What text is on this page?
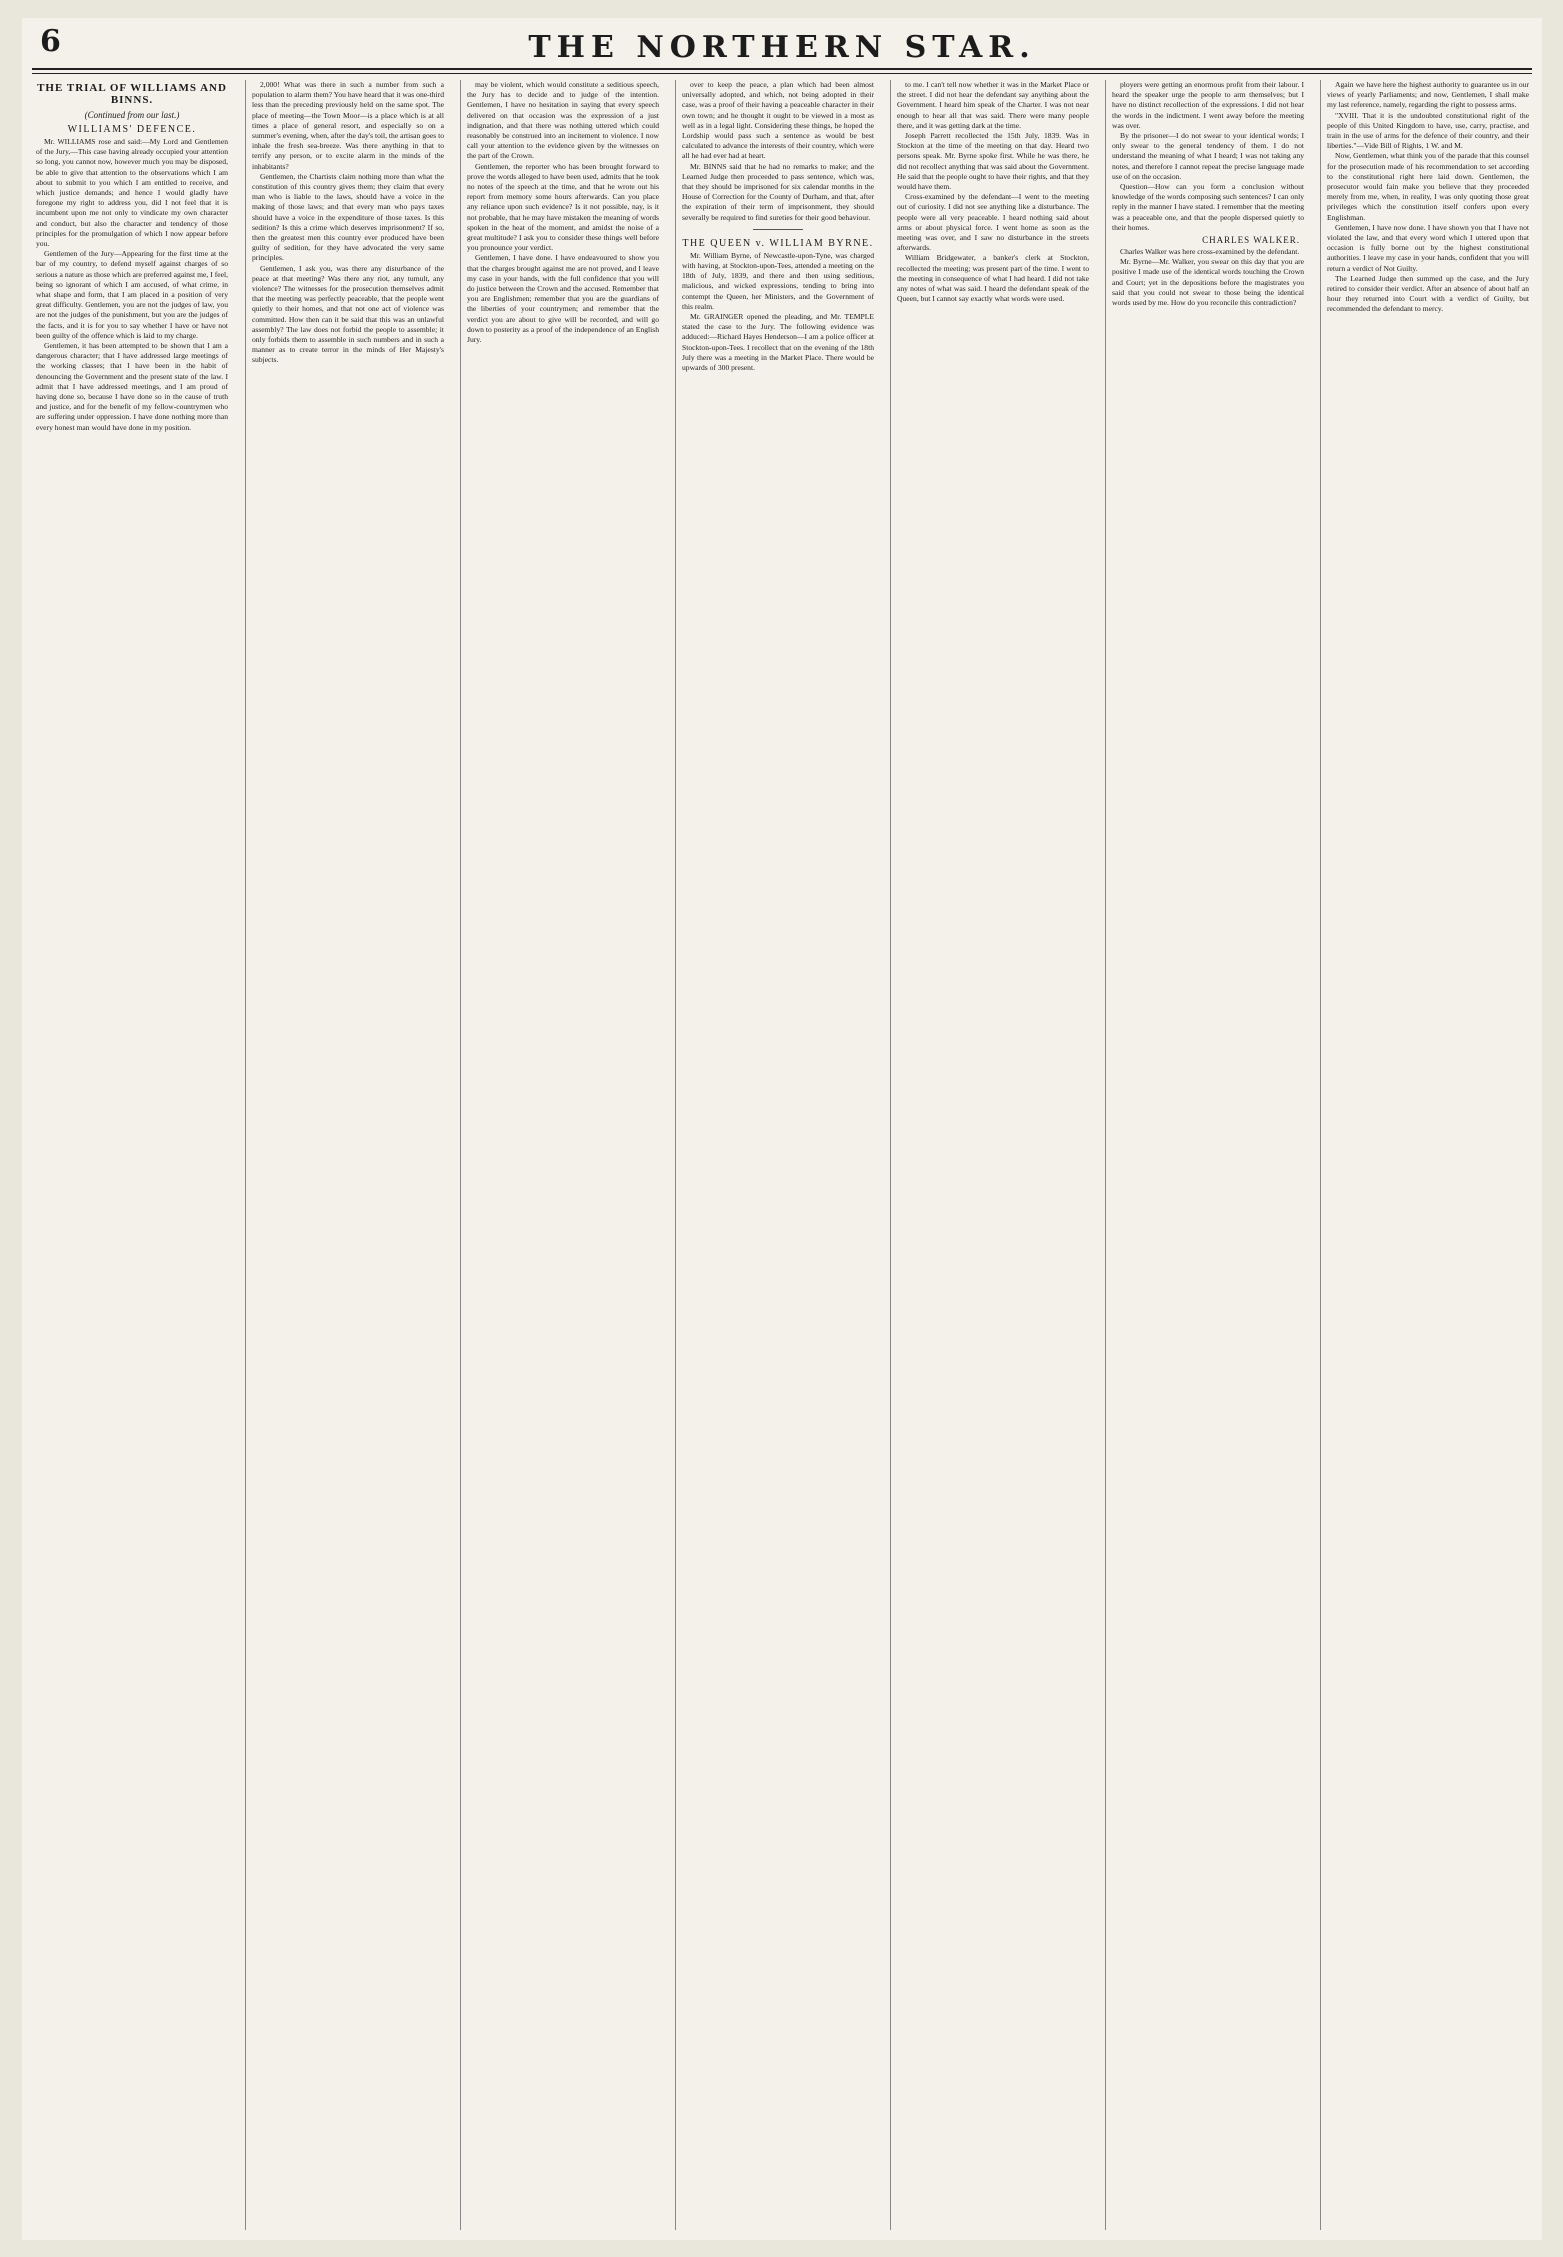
6	THE NORTHERN STAR.
THE TRIAL OF WILLIAMS AND BINNS.
(Continued from our last.)
WILLIAMS' DEFENCE.

Mr. WILLIAMS rose and said:—My Lord and Gentlemen of the Jury,—This case having already occupied your attention so long, you cannot now, however much you may be disposed, be able to give that attention to the observations which I am about to submit to you which I am entitled to receive, and which justice demands; and hence I would gladly have foregone my right to address you, did I not feel that it is incumbent upon me not only to vindicate my own character and conduct, but also the character and tendency of those principles for the promulgation of which I now appear before you.

Gentlemen of the Jury—Appearing for the first time at the bar of my country, to defend myself against charges of so serious a nature as those which are preferred against me, I feel, being so ignorant of which I am accused, of what crime, in what shape and form, that I am placed in a position of very great difficulty. Gentlemen, you are not the judges of law, you are not the judges of the punishment, but you are the judges of the facts, and it is for you to say whether I have or have not been guilty of the offence which is laid to my charge.

Gentlemen, it has been attempted to be shown that I am a dangerous character; that I have addressed large meetings of the working classes; that I have been in the habit of denouncing the Government and the present state of the law. I admit that I have addressed meetings, and I am proud of having done so, because I have done so in the cause of truth and justice, and for the benefit of my fellow-countrymen who are suffering under oppression. I have done nothing more than every honest man would have done in my position.

2,000! What was there in such a number from such a population to alarm them? You have heard that it was one-third less than the preceding previously held on the same spot. The place of meeting—the Town Moor—is a place which is at all times a place of general resort, and especially so on a summer's evening, when, after the day's toil, the artisan goes to inhale the fresh sea-breeze. Was there anything in that to terrify any person, or to excite alarm in the minds of the inhabitants?

Gentlemen, the Chartists claim nothing more than what the constitution of this country gives them; they claim that every man who is liable to the laws, should have a voice in the making of those laws; and that every man who pays taxes should have a voice in the expenditure of those taxes. Is this sedition? Is this a crime which deserves imprisonment? If so, then the greatest men this country ever produced have been guilty of sedition, for they have advocated the very same principles.

Gentlemen, I ask you, was there any disturbance of the peace at that meeting? Was there any riot, any tumult, any violence? The witnesses for the prosecution themselves admit that the meeting was perfectly peaceable, that the people went quietly to their homes, and that not one act of violence was committed. How then can it be said that this was an unlawful assembly? The law does not forbid the people to assemble; it only forbids them to assemble in such numbers and in such a manner as to create terror in the minds of Her Majesty's subjects.

may be violent, which would constitute a seditious speech, the Jury has to decide and to judge of the intention. Gentlemen, I have no hesitation in saying that every speech delivered on that occasion was the expression of a just indignation, and that there was nothing uttered which could reasonably be construed into an incitement to violence. I now call your attention to the evidence given by the witnesses on the part of the Crown.

Gentlemen, the reporter who has been brought forward to prove the words alleged to have been used, admits that he took no notes of the speech at the time, and that he wrote out his report from memory some hours afterwards. Can you place any reliance upon such evidence? Is it not possible, nay, is it not probable, that he may have mistaken the meaning of words spoken in the heat of the moment, and amidst the noise of a great multitude? I ask you to consider these things well before you pronounce your verdict.

Gentlemen, I have done. I have endeavoured to show you that the charges brought against me are not proved, and I leave my case in your hands, with the full confidence that you will do justice between the Crown and the accused. Remember that you are Englishmen; remember that you are the guardians of the liberties of your countrymen; and remember that the verdict you are about to give will be recorded, and will go down to posterity as a proof of the independence of an English Jury.

over to keep the peace, a plan which had been almost universally adopted, and which, not being adopted in their case, was a proof of their having a peaceable character in their own town; and he thought it ought to be viewed in a most as well as in a legal light. Considering these things, he hoped the Lordship would pass such a sentence as would be best calculated to advance the interests of their country, which were all he had ever had at heart.

Mr. BINNS said that he had no remarks to make; and the Learned Judge then proceeded to pass sentence, which was, that they should be imprisoned for six calendar months in the House of Correction for the County of Durham, and that, after the expiration of their term of imprisonment, they should severally be required to find sureties for their good behaviour.

THE QUEEN v. WILLIAM BYRNE.

Mr. William Byrne, of Newcastle-upon-Tyne, was charged with having, at Stockton-upon-Tees, attended a meeting on the 18th of July, 1839, and there and then using seditious, malicious, and wicked expressions, tending to bring into contempt the Queen, her Ministers, and the Government of this realm.

Mr. GRAINGER opened the pleading, and Mr. TEMPLE stated the case to the Jury. The following evidence was adduced:—Richard Hayes Henderson—I am a police officer at Stockton-upon-Tees. I recollect that on the evening of the 18th July there was a meeting in the Market Place. There would be upwards of 300 present.

to me. I can't tell now whether it was in the Market Place or the street. I did not hear the defendant say anything about the Government. I heard him speak of the Charter. I was not near enough to hear all that was said. There were many people there, and it was getting dark at the time.

Joseph Parrett recollected the 15th July, 1839. Was in Stockton at the time of the meeting on that day. Heard two persons speak. Mr. Byrne spoke first. While he was there, he did not recollect anything that was said about the Government. He said that the people ought to have their rights, and that they would have them.

Cross-examined by the defendant—I went to the meeting out of curiosity. I did not see anything like a disturbance. The people were all very peaceable. I heard nothing said about arms or about physical force. I went home as soon as the meeting was over, and I saw no disturbance in the streets afterwards.

William Bridgewater, a banker's clerk at Stockton, recollected the meeting; was present part of the time. I went to the meeting in consequence of what I had heard. I did not take any notes of what was said. I heard the defendant speak of the Queen, but I cannot say exactly what words were used.

ployers were getting an enormous profit from their labour. I heard the speaker urge the people to arm themselves; but I have no distinct recollection of the expressions. I did not hear the words in the indictment. I went away before the meeting was over.

By the prisoner—I do not swear to your identical words; I only swear to the general tendency of them. I do not understand the meaning of what I heard; I was not taking any notes, and therefore I cannot repeat the precise language made use of on the occasion.

Question—How can you form a conclusion without knowledge of the words composing such sentences? I can only reply in the manner I have stated. I remember that the meeting was a peaceable one, and that the people dispersed quietly to their homes.

CHARLES WALKER.

Charles Walker was here cross-examined by the defendant.

Mr. Byrne—Mr. Walker, you swear on this day that you are positive I made use of the identical words touching the Crown and Court; yet in the depositions before the magistrates you said that you could not swear to those being the identical words used by me. How do you reconcile this contradiction?

Again we have here the highest authority to guarantee us in our views of yearly Parliaments; and now, Gentlemen, I shall make my last reference, namely, regarding the right to possess arms.

"XVIII. That it is the undoubted constitutional right of the people of this United Kingdom to have, use, carry, practise, and train in the use of arms for the defence of their country, and their liberties."—Vide Bill of Rights, 1 W. and M.

Now, Gentlemen, what think you of the parade that this counsel for the prosecution made of his recommendation to set according to the constitutional right here laid down. Gentlemen, the prosecutor would fain make you believe that they proceeded merely from me, when, in reality, I was only quoting those great privileges which the constitution itself confers upon every Englishman.

Gentlemen, I have now done. I have shown you that I have not violated the law, and that every word which I uttered upon that occasion is fully borne out by the highest constitutional authorities. I leave my case in your hands, confident that you will return a verdict of Not Guilty.

The Learned Judge then summed up the case, and the Jury retired to consider their verdict. After an absence of about half an hour they returned into Court with a verdict of Guilty, but recommended the defendant to mercy.
